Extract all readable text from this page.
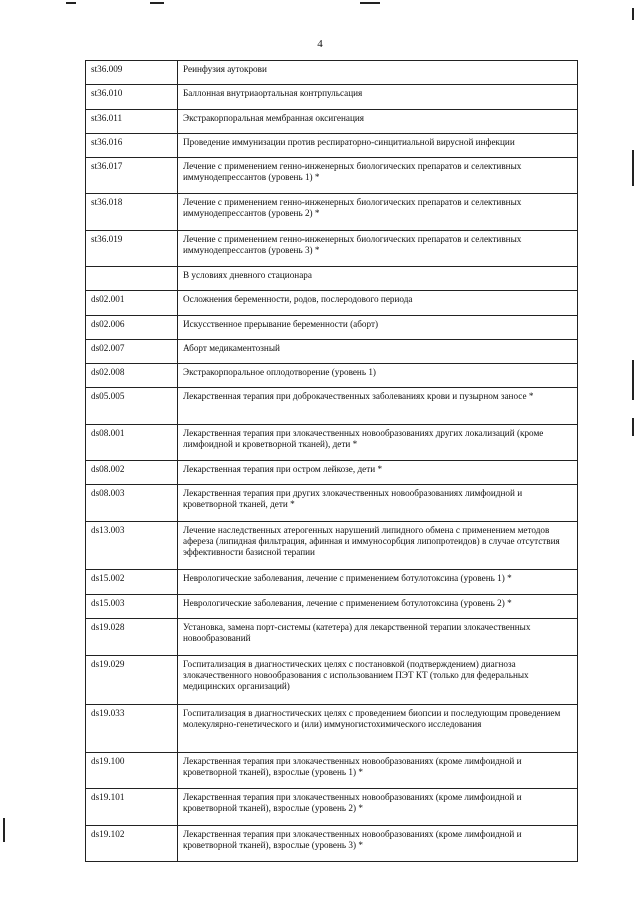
4
st36.009	Реинфузия аутокрови
st36.010	Баллонная внутриаортальная контрпульсация
st36.011	Экстракорпоральная мембранная оксигенация
st36.016	Проведение иммунизации против респираторно-синцитиальной вирусной инфекции
st36.017	Лечение с применением генно-инженерных биологических препаратов и селективных иммунодепрессантов (уровень 1) *
st36.018	Лечение с применением генно-инженерных биологических препаратов и селективных иммунодепрессантов (уровень 2) *
st36.019	Лечение с применением генно-инженерных биологических препаратов и селективных иммунодепрессантов (уровень 3) *
	В условиях дневного стационара
ds02.001	Осложнения беременности, родов, послеродового периода
ds02.006	Искусственное прерывание беременности (аборт)
ds02.007	Аборт медикаментозный
ds02.008	Экстракорпоральное оплодотворение (уровень 1)
ds05.005	Лекарственная терапия при доброкачественных заболеваниях крови и пузырном заносе *
ds08.001	Лекарственная терапия при злокачественных новообразованиях других локализаций (кроме лимфоидной и кроветворной тканей), дети *
ds08.002	Лекарственная терапия при остром лейкозе, дети *
ds08.003	Лекарственная терапия при других злокачественных новообразованиях лимфоидной и кроветворной тканей, дети *
ds13.003	Лечение наследственных атерогенных нарушений липидного обмена с применением методов афереза (липидная фильтрация, афинная и иммуносорбция липопротеидов) в случае отсутствия эффективности базисной терапии
ds15.002	Неврологические заболевания, лечение с применением ботулотоксина (уровень 1) *
ds15.003	Неврологические заболевания, лечение с применением ботулотоксина (уровень 2) *
ds19.028	Установка, замена порт-системы (катетера) для лекарственной терапии злокачественных новообразований
ds19.029	Госпитализация в диагностических целях с постановкой (подтверждением) диагноза злокачественного новообразования с использованием ПЭТ КТ (только для федеральных медицинских организаций)
ds19.033	Госпитализация в диагностических целях с проведением биопсии и последующим проведением молекулярно-генетического и (или) иммуногистохимического исследования
ds19.100	Лекарственная терапия при злокачественных новообразованиях (кроме лимфоидной и кроветворной тканей), взрослые (уровень 1) *
ds19.101	Лекарственная терапия при злокачественных новообразованиях (кроме лимфоидной и кроветворной тканей), взрослые (уровень 2) *
ds19.102	Лекарственная терапия при злокачественных новообразованиях (кроме лимфоидной и кроветворной тканей), взрослые (уровень 3) *
